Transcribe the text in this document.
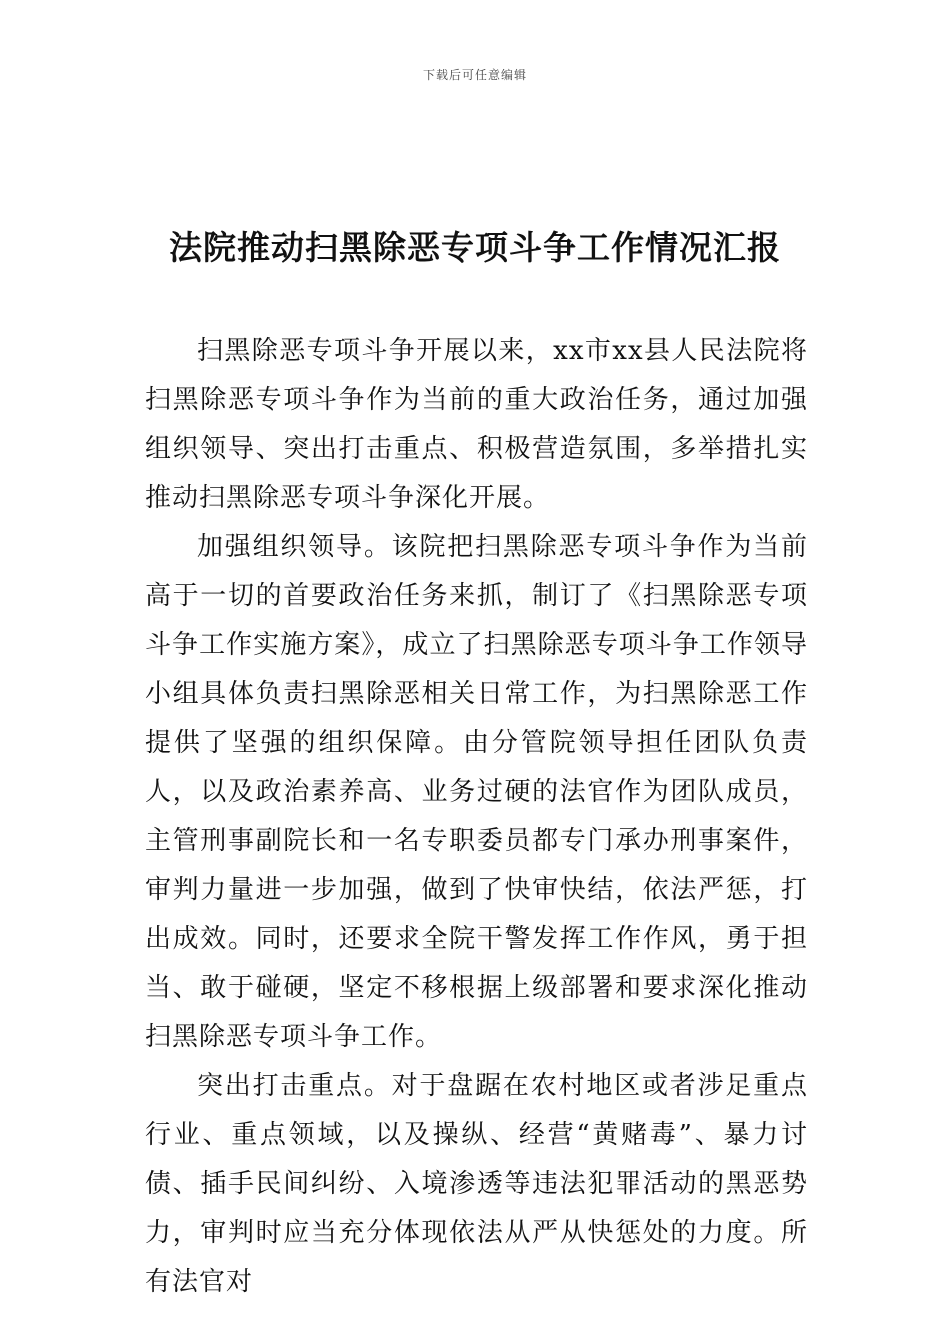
下载后可任意编辑
法院推动扫黑除恶专项斗争工作情况汇报

扫黑除恶专项斗争开展以来，xx市xx县人民法院将扫黑除恶专项斗争作为当前的重大政治任务，通过加强组织领导、突出打击重点、积极营造氛围，多举措扎实推动扫黑除恶专项斗争深化开展。

加强组织领导。该院把扫黑除恶专项斗争作为当前高于一切的首要政治任务来抓，制订了《扫黑除恶专项斗争工作实施方案》，成立了扫黑除恶专项斗争工作领导小组具体负责扫黑除恶相关日常工作，为扫黑除恶工作提供了坚强的组织保障。由分管院领导担任团队负责人，以及政治素养高、业务过硬的法官作为团队成员，主管刑事副院长和一名专职委员都专门承办刑事案件，审判力量进一步加强，做到了快审快结，依法严惩，打出成效。同时，还要求全院干警发挥工作作风，勇于担当、敢于碰硬，坚定不移根据上级部署和要求深化推动扫黑除恶专项斗争工作。

突出打击重点。对于盘踞在农村地区或者涉足重点行业、重点领域，以及操纵、经营“黄赌毒”、暴力讨债、插手民间纠纷、入境渗透等违法犯罪活动的黑恶势力，审判时应当充分体现依法从严从快惩处的力度。所有法官对
